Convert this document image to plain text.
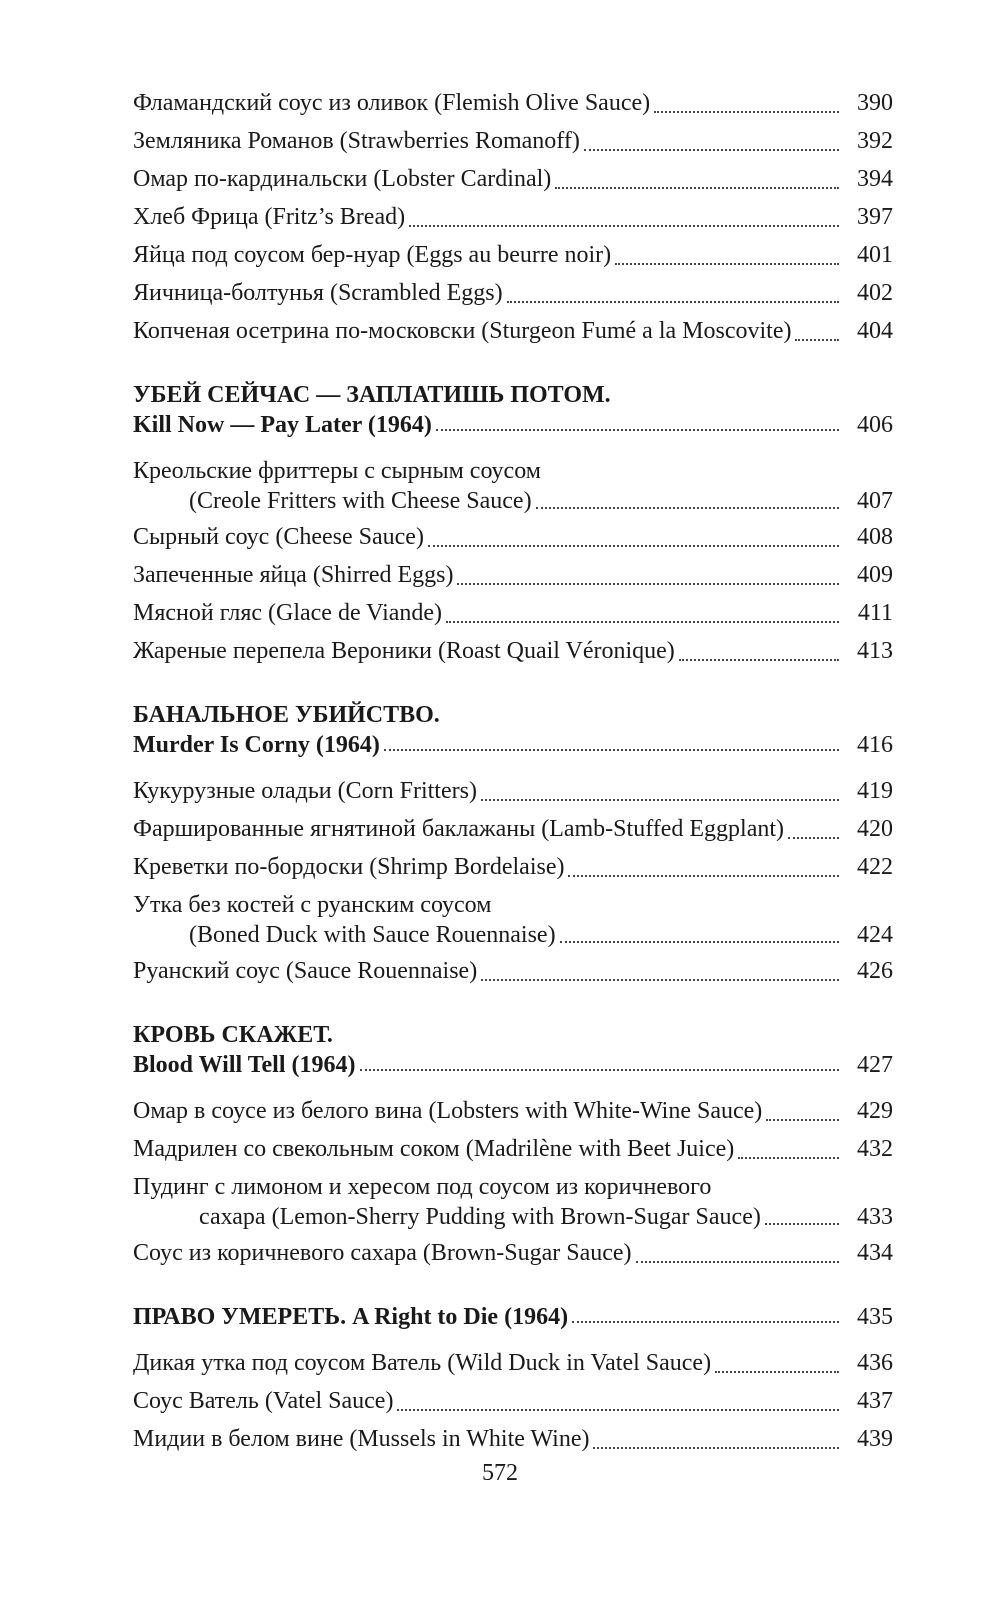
Фламандский соус из оливок (Flemish Olive Sauce)	390
Земляника Романов (Strawberries Romanoff)	392
Омар по-кардинальски (Lobster Cardinal)	394
Хлеб Фрица (Fritz’s Bread)	397
Яйца под соусом бер-нуар (Eggs au beurre noir)	401
Яичница-болтунья (Scrambled Eggs)	402
Копченая осетрина по-московски (Sturgeon Fumé a la Moscovite)	404
УБЕЙ СЕЙЧАС — ЗАПЛАТИШЬ ПОТОМ.
Kill Now — Pay Later (1964)	406
Креольские фриттеры с сырным соусом
(Creole Fritters with Cheese Sauce)	407
Сырный соус (Cheese Sauce)	408
Запеченные яйца (Shirred Eggs)	409
Мясной гляс (Glace de Viande)	411
Жареные перепела Вероники (Roast Quail Véronique)	413
БАНАЛЬНОЕ УБИЙСТВО.
Murder Is Corny (1964)	416
Кукурузные оладьи (Corn Fritters)	419
Фаршированные ягнятиной баклажаны (Lamb-Stuffed Eggplant)	420
Креветки по-бордоски (Shrimp Bordelaise)	422
Утка без костей с руанским соусом
(Boned Duck with Sauce Rouennaise)	424
Руанский соус (Sauce Rouennaise)	426
КРОВЬ СКАЖЕТ.
Blood Will Tell (1964)	427
Омар в соусе из белого вина (Lobsters with White-Wine Sauce)	429
Мадрилен со свекольным соком (Madrilène with Beet Juice)	432
Пудинг с лимоном и хересом под соусом из коричневого
сахара (Lemon-Sherry Pudding with Brown-Sugar Sauce)	433
Соус из коричневого сахара (Brown-Sugar Sauce)	434
ПРАВО УМЕРЕТЬ. A Right to Die (1964)	435
Дикая утка под соусом Ватель (Wild Duck in Vatel Sauce)	436
Соус Ватель (Vatel Sauce)	437
Мидии в белом вине (Mussels in White Wine)	439
572
